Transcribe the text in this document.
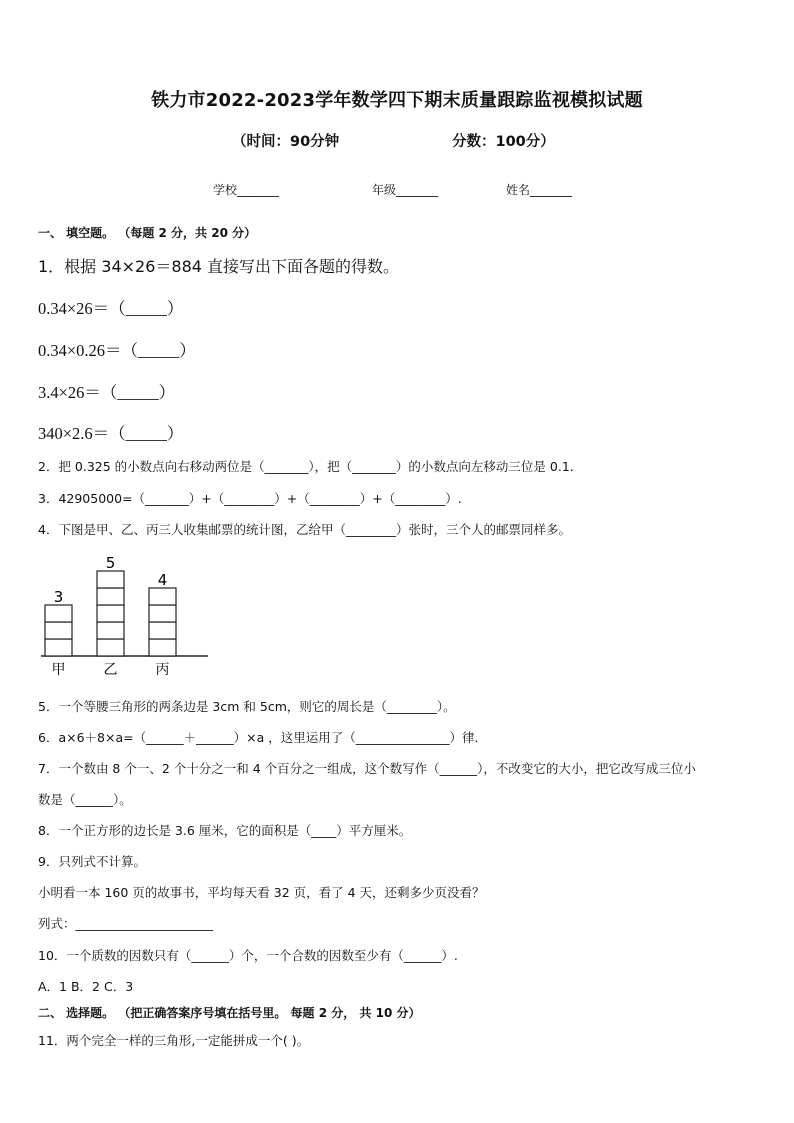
铁力市2022-2023学年数学四下期末质量跟踪监视模拟试题
（时间：90分钟	分数：100分）
学校_______	年级_______	姓名_______
一、 填空题。 （每题 2 分，共 20 分）
1．根据 34×26＝884 直接写出下面各题的得数。
0.34×26＝（_____）
0.34×0.26＝（_____）
3.4×26＝（_____）
340×2.6＝（_____）
2．把 0.325 的小数点向右移动两位是（_______），把（_______）的小数点向左移动三位是 0.1.
3．42905000=（_______）+（________）+（________）+（________）.
4．下图是甲、乙、丙三人收集邮票的统计图，乙给甲（________）张时，三个人的邮票同样多。
3
甲
5
乙
4
丙
5．一个等腰三角形的两条边是 3cm 和 5cm，则它的周长是（________）。
6．a×6＋8×a=（______＋______）×a ，这里运用了（_______________）律．
7．一个数由 8 个一、2 个十分之一和 4 个百分之一组成，这个数写作（______），不改变它的大小，把它改写成三位小
数是（______）。
8．一个正方形的边长是 3.6 厘米，它的面积是（____）平方厘米。
9．只列式不计算。
小明看一本 160 页的故事书，平均每天看 32 页，看了 4 天，还剩多少页没看？
列式：______________________
10．一个质数的因数只有（______）个，一个合数的因数至少有（______）.
A．1 B．2 C．3
二、 选择题。 （把正确答案序号填在括号里。 每题 2 分， 共 10 分）
11．两个完全一样的三角形,一定能拼成一个( )。
